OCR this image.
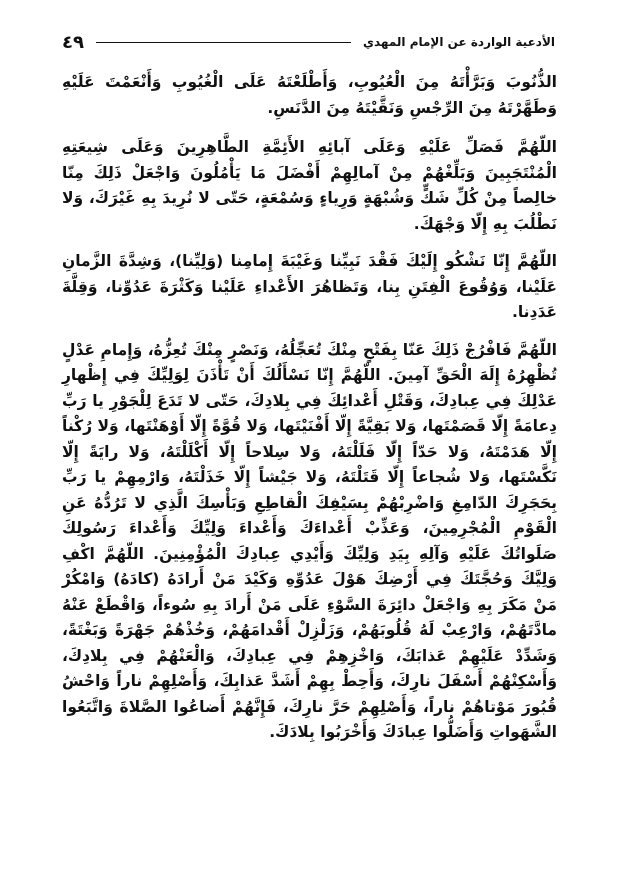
الأدعية الواردة عن الإمام المهدي
٤٩

الذُّنُوبَ وَبَرَّأْتَهُ مِنَ الْعُيُوبِ، وَأَطْلَعْتَهُ عَلَى الْغُيُوبِ وَأَنْعَمْتَ عَلَيْهِ وَطَهَّرْتَهُ مِنَ الرِّجْسِ وَنَقَّيْتَهُ مِنَ الدَّنَسِ.

اللّهُمَّ فَصَلِّ عَلَيْهِ وَعَلَى آبائِهِ الأَئِمَّةِ الطَّاهِرِينَ وَعَلَى شِيعَتِهِ الْمُنْتَجَبِينَ وَبَلِّغْهُمْ مِنْ آمالِهِمْ أَفْضَلَ مَا يَأْمُلُونَ وَاجْعَلْ ذَلِكَ مِنّا خالِصاً مِنْ كُلِّ شَكٍّ وَشُبْهَةٍ وَرِياءٍ وَسُمْعَةٍ، حَتّى لا نُرِيدَ بِهِ غَيْرَكَ، وَلا نَطْلُبَ بِهِ إِلّا وَجْهَكَ.

اللّهُمَّ إِنّا نَشْكُو إِلَيْكَ فَقْدَ نَبِيِّنا وَغَيْبَةَ إِمامِنا (وَلِيِّنا)، وَشِدَّةَ الزَّمانِ عَلَيْنا، وَوُقُوعَ الْفِتَنِ بِنا، وَتَظاهُرَ الأَعْداءِ عَلَيْنا وَكَثْرَةَ عَدُوِّنا، وَقِلَّةَ عَدَدِنا.

اللّهُمَّ فَافْرُجْ ذَلِكَ عَنّا بِفَتْحٍ مِنْكَ تُعَجِّلُهُ، وَنَصْرٍ مِنْكَ تُعِزُّهُ، وَإِمامِ عَدْلٍ تُظْهِرُهُ إِلَهَ الْحَقِّ آمِينَ. اللّهُمَّ إِنّا نَسْأَلُكَ أَنْ تَأْذَنَ لِوَلِيِّكَ فِي إِظْهارِ عَدْلِكَ فِي عِبادِكَ، وَقَتْلِ أَعْدائِكَ فِي بِلادِكَ، حَتّى لا تَدَعَ لِلْجَوْرِ يا رَبِّ دِعامَةً إِلّا قَصَمْتَها، وَلا بَقِيَّةً إِلّا أَفْنَيْتَها، وَلا قُوَّةً إِلّا أَوْهَنْتَها، وَلا رُكْناً إِلّا هَدَمْتَهُ، وَلا حَدّاً إِلّا فَلَلْتَهُ، وَلا سِلاحاً إِلّا أَكْلَلْتَهُ، وَلا رايَةً إِلّا نَكَّسْتَها، وَلا شُجاعاً إِلّا قَتَلْتَهُ، وَلا جَيْشاً إِلّا خَذَلْتَهُ، وَارْمِهِمْ يا رَبِّ بِحَجَرِكَ الدّامِغِ وَاضْرِبْهُمْ بِسَيْفِكَ الْقاطِعِ وَبَأْسِكَ الَّذِي لا تَرُدُّهُ عَنِ الْقَوْمِ الْمُجْرِمِينَ، وَعَذِّبْ أَعْداءَكَ وَأَعْداءَ وَلِيِّكَ وَأَعْداءَ رَسُولِكَ صَلَواتُكَ عَلَيْهِ وَآلِهِ بِيَدِ وَلِيِّكَ وَأَيْدِي عِبادِكَ الْمُؤْمِنِينَ. اللّهُمَّ اكْفِ وَلِيَّكَ وَحُجَّتَكَ فِي أَرْضِكَ هَوْلَ عَدُوِّهِ وَكَيْدَ مَنْ أَرادَهُ (كادَهُ) وَامْكُرْ مَنْ مَكَرَ بِهِ وَاجْعَلْ دائِرَةَ السَّوْءِ عَلَى مَنْ أَرادَ بِهِ سُوءاً، وَاقْطَعْ عَنْهُ مادَّتَهُمْ، وَارْعِبْ لَهُ قُلُوبَهُمْ، وَزَلْزِلْ أَقْدامَهُمْ، وَخُذْهُمْ جَهْرَةً وَبَغْتَةً، وَشَدِّدْ عَلَيْهِمْ عَذابَكَ، وَاخْزِهِمْ فِي عِبادِكَ، وَالْعَنْهُمْ فِي بِلادِكَ، وَأَسْكِنْهُمْ أَسْفَلَ نارِكَ، وَأَحِطْ بِهِمْ أَشَدَّ عَذابِكَ، وَأَصْلِهِمْ ناراً وَاحْشُ قُبُورَ مَوْتاهُمْ ناراً، وَأَصْلِهِمْ حَرَّ نارِكَ، فَإِنَّهُمْ أَضاعُوا الصَّلاةَ وَاتَّبَعُوا الشَّهَواتِ وَأَضَلُّوا عِبادَكَ وَأَخْرَبُوا بِلادَكَ.
